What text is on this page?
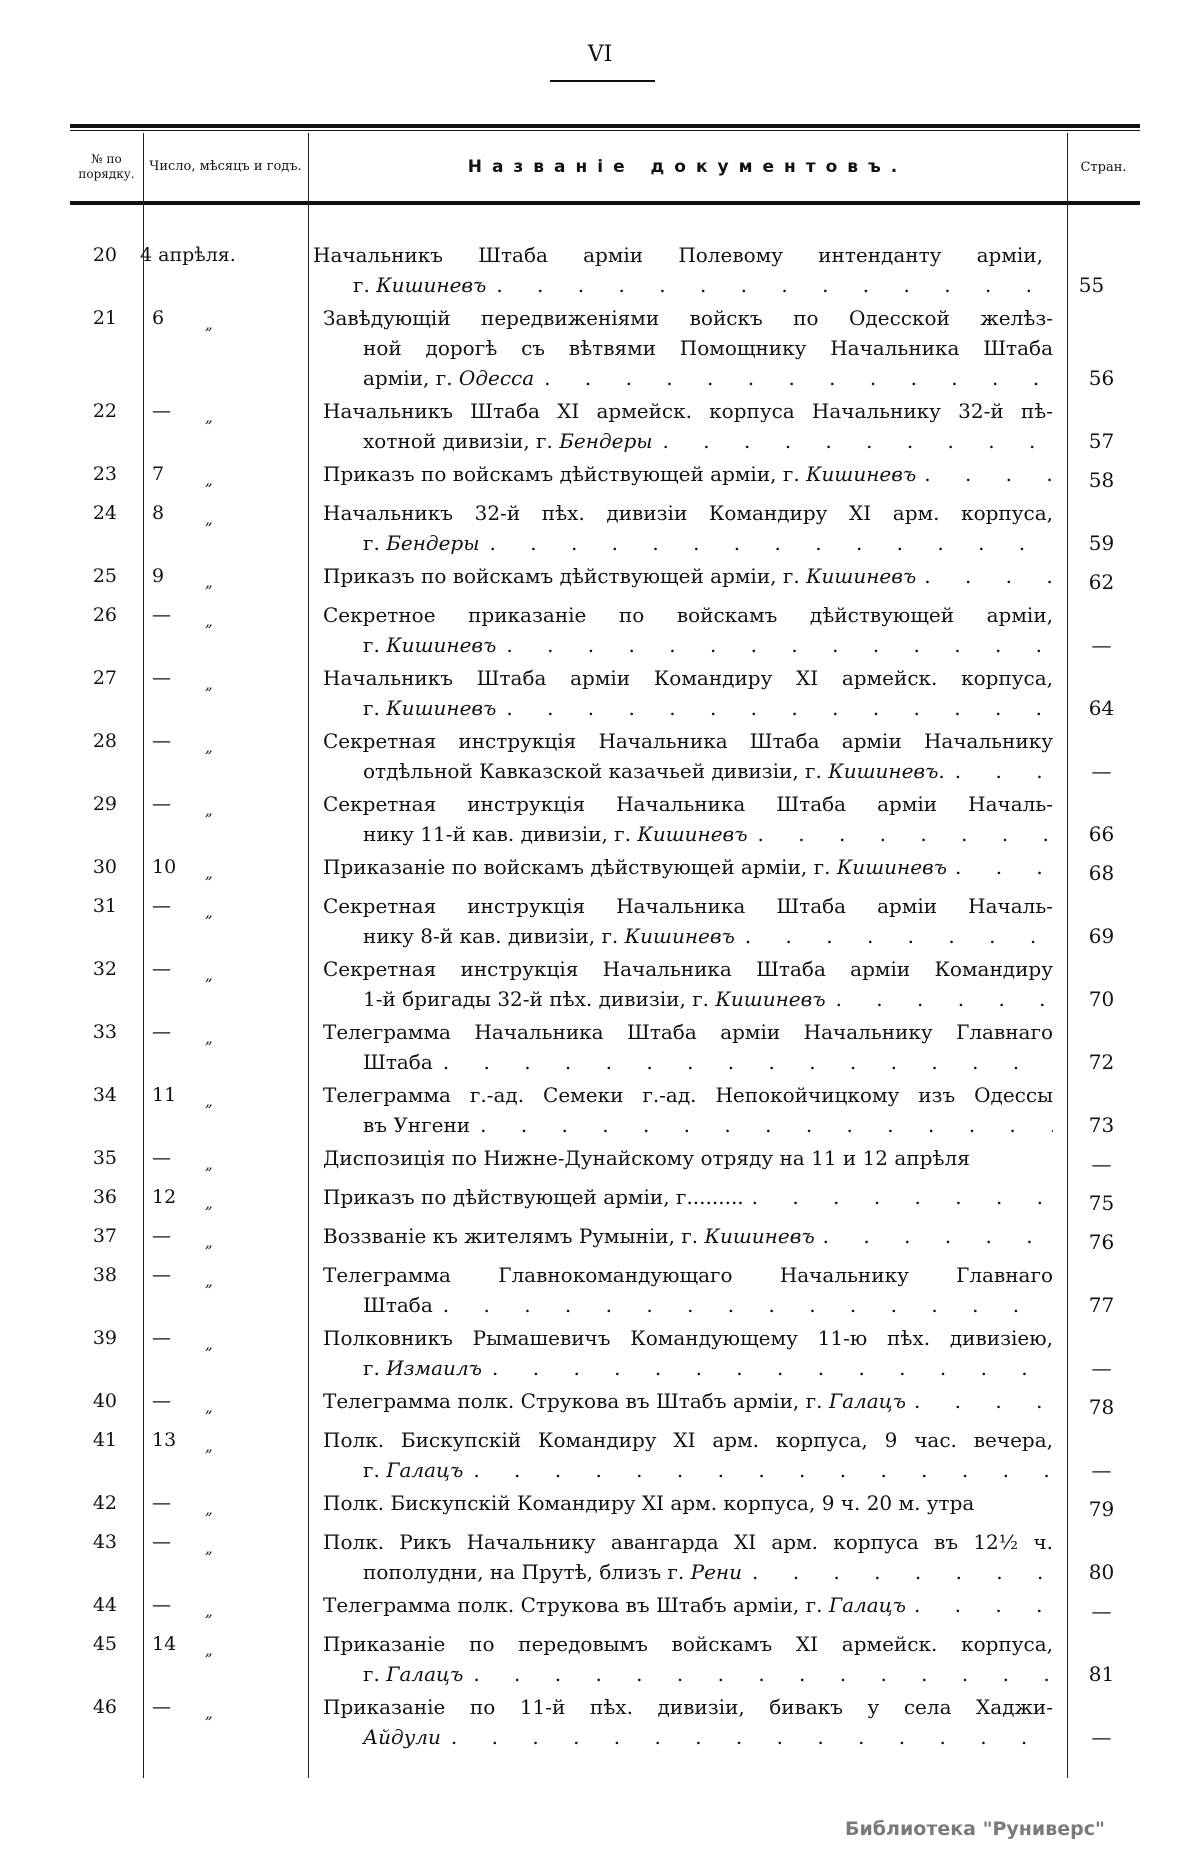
VI
№ по порядку.	Число, мѣсяцъ и годъ.	Названіе документовъ.	Стран.
20	4 апрѣля.	Начальникъ Штаба арміи Полевому интенданту арміи,
г. Кишиневъ . . .	55
21	6	„	Завѣдующій передвиженіями войскъ по Одесской желѣз-
ной дорогѣ съ вѣтвями Помощнику Начальника Штаба
арміи, г. Одесса . . .	56
22	—	„	Начальникъ Штаба XI армейск. корпуса Начальнику 32-й пѣ-
хотной дивизіи, г. Бендеры . . .	57
23	7	„	Приказъ по войскамъ дѣйствующей арміи, г. Кишиневъ . . .	58
24	8	„	Начальникъ 32-й пѣх. дивизіи Командиру XI арм. корпуса,
г. Бендеры . . .	59
25	9	„	Приказъ по войскамъ дѣйствующей арміи, г. Кишиневъ . . .	62
26	—	„	Секретное приказаніе по войскамъ дѣйствующей арміи,
г. Кишиневъ . . .	—
27	—	„	Начальникъ Штаба арміи Командиру XI армейск. корпуса,
г. Кишиневъ . . .	64
28	—	„	Секретная инструкція Начальника Штаба арміи Начальнику
отдѣльной Кавказской казачьей дивизіи, г. Кишиневъ. . . .	—
29	—	„	Секретная инструкція Начальника Штаба арміи Началь-
нику 11-й кав. дивизіи, г. Кишиневъ . . .	66
30	10	„	Приказаніе по войскамъ дѣйствующей арміи, г. Кишиневъ . . .	68
31	—	„	Секретная инструкція Начальника Штаба арміи Началь-
нику 8-й кав. дивизіи, г. Кишиневъ . . .	69
32	—	„	Секретная инструкція Начальника Штаба арміи Командиру
1-й бригады 32-й пѣх. дивизіи, г. Кишиневъ . . .	70
33	—	„	Телеграмма Начальника Штаба арміи Начальнику Главнаго
Штаба . . .	72
34	11	„	Телеграмма г.-ад. Семеки г.-ад. Непокойчицкому изъ Одессы
въ Унгени . . .	73
35	—	„	Диспозиція по Нижне-Дунайскому отряду на 11 и 12 апрѣля	—
36	12	„	Приказъ по дѣйствующей арміи, г......... . . .	75
37	—	„	Воззваніе къ жителямъ Румыніи, г. Кишиневъ . . .	76
38	—	„	Телеграмма Главнокомандующаго Начальнику Главнаго
Штаба . . .	77
39	—	„	Полковникъ Рымашевичъ Командующему 11-ю пѣх. дивизіею,
г. Измаилъ . . .	—
40	—	„	Телеграмма полк. Струкова въ Штабъ арміи, г. Галацъ . . .	78
41	13	„	Полк. Бискупскій Командиру XI арм. корпуса, 9 час. вечера,
г. Галацъ . . .	—
42	—	„	Полк. Бискупскій Командиру XI арм. корпуса, 9 ч. 20 м. утра	79
43	—	„	Полк. Рикъ Начальнику авангарда XI арм. корпуса въ 12½ ч.
пополудни, на Прутѣ, близъ г. Рени . . .	80
44	—	„	Телеграмма полк. Струкова въ Штабъ арміи, г. Галацъ . . .	—
45	14	„	Приказаніе по передовымъ войскамъ XI армейск. корпуса,
г. Галацъ . . .	81
46	—	„	Приказаніе по 11-й пѣх. дивизіи, бивакъ у села Хаджи-
Айдули . . .	—
Библиотека "Руниверс"
